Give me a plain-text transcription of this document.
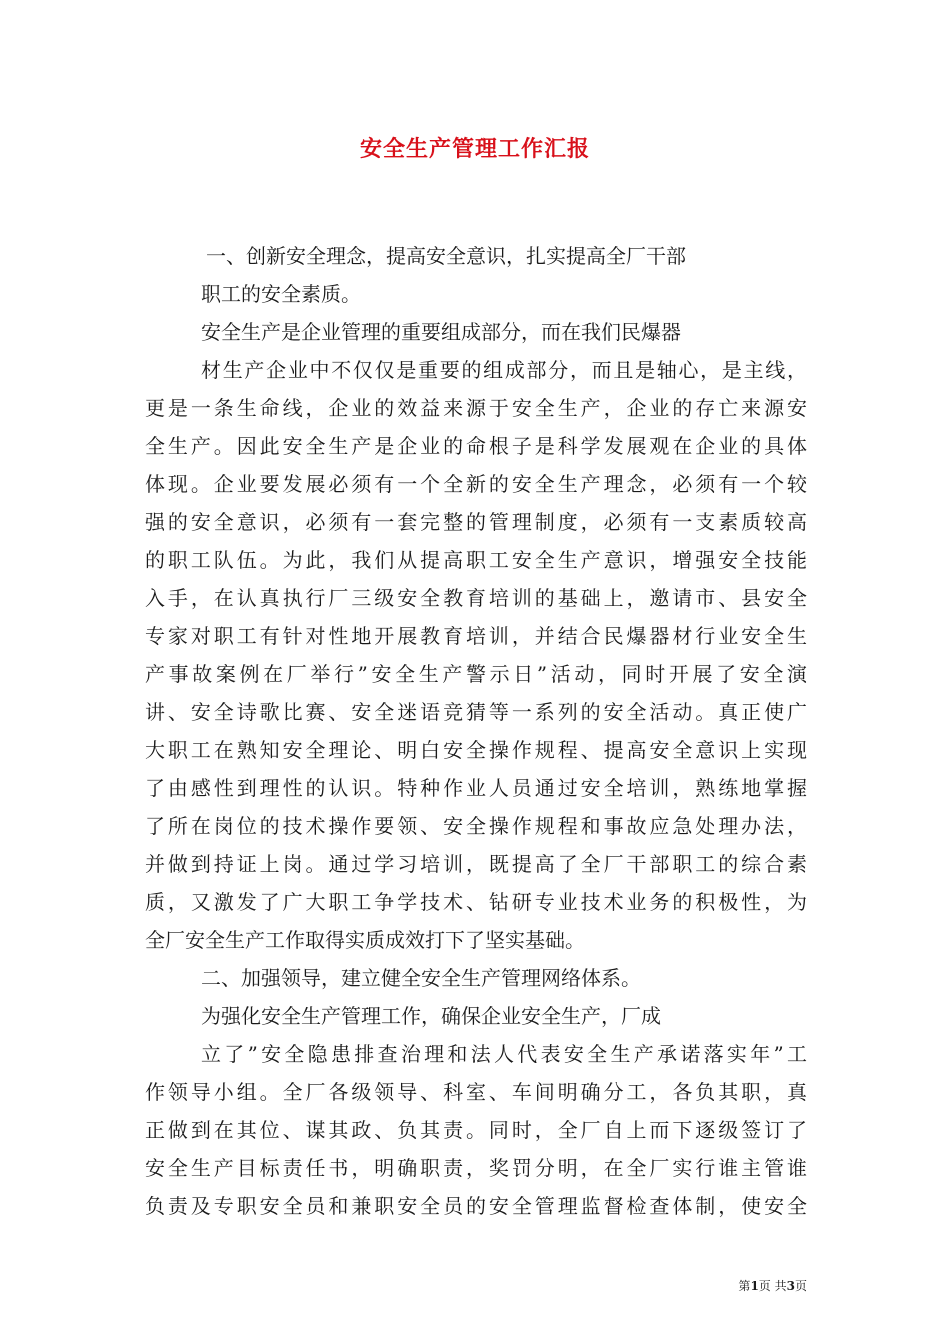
安全生产管理工作汇报
一、创新安全理念，提高安全意识，扎实提高全厂干部
职工的安全素质。
安全生产是企业管理的重要组成部分，而在我们民爆器
材生产企业中不仅仅是重要的组成部分，而且是轴心，是主线，
更是一条生命线，企业的效益来源于安全生产，企业的存亡来源安
全生产。因此安全生产是企业的命根子是科学发展观在企业的具体
体现。企业要发展必须有一个全新的安全生产理念，必须有一个较
强的安全意识，必须有一套完整的管理制度，必须有一支素质较高
的职工队伍。为此，我们从提高职工安全生产意识，增强安全技能
入手，在认真执行厂三级安全教育培训的基础上，邀请市、县安全
专家对职工有针对性地开展教育培训，并结合民爆器材行业安全生
产事故案例在厂举行”安全生产警示日”活动，同时开展了安全演
讲、安全诗歌比赛、安全迷语竞猜等一系列的安全活动。真正使广
大职工在熟知安全理论、明白安全操作规程、提高安全意识上实现
了由感性到理性的认识。特种作业人员通过安全培训，熟练地掌握
了所在岗位的技术操作要领、安全操作规程和事故应急处理办法，
并做到持证上岗。通过学习培训，既提高了全厂干部职工的综合素
质，又激发了广大职工争学技术、钻研专业技术业务的积极性，为
全厂安全生产工作取得实质成效打下了坚实基础。
二、加强领导，建立健全安全生产管理网络体系。
为强化安全生产管理工作，确保企业安全生产，厂成
立了”安全隐患排查治理和法人代表安全生产承诺落实年”工
作领导小组。全厂各级领导、科室、车间明确分工，各负其职，真
正做到在其位、谋其政、负其责。同时，全厂自上而下逐级签订了
安全生产目标责任书，明确职责，奖罚分明，在全厂实行谁主管谁
负责及专职安全员和兼职安全员的安全管理监督检查体制，使安全
第1页 共3页
